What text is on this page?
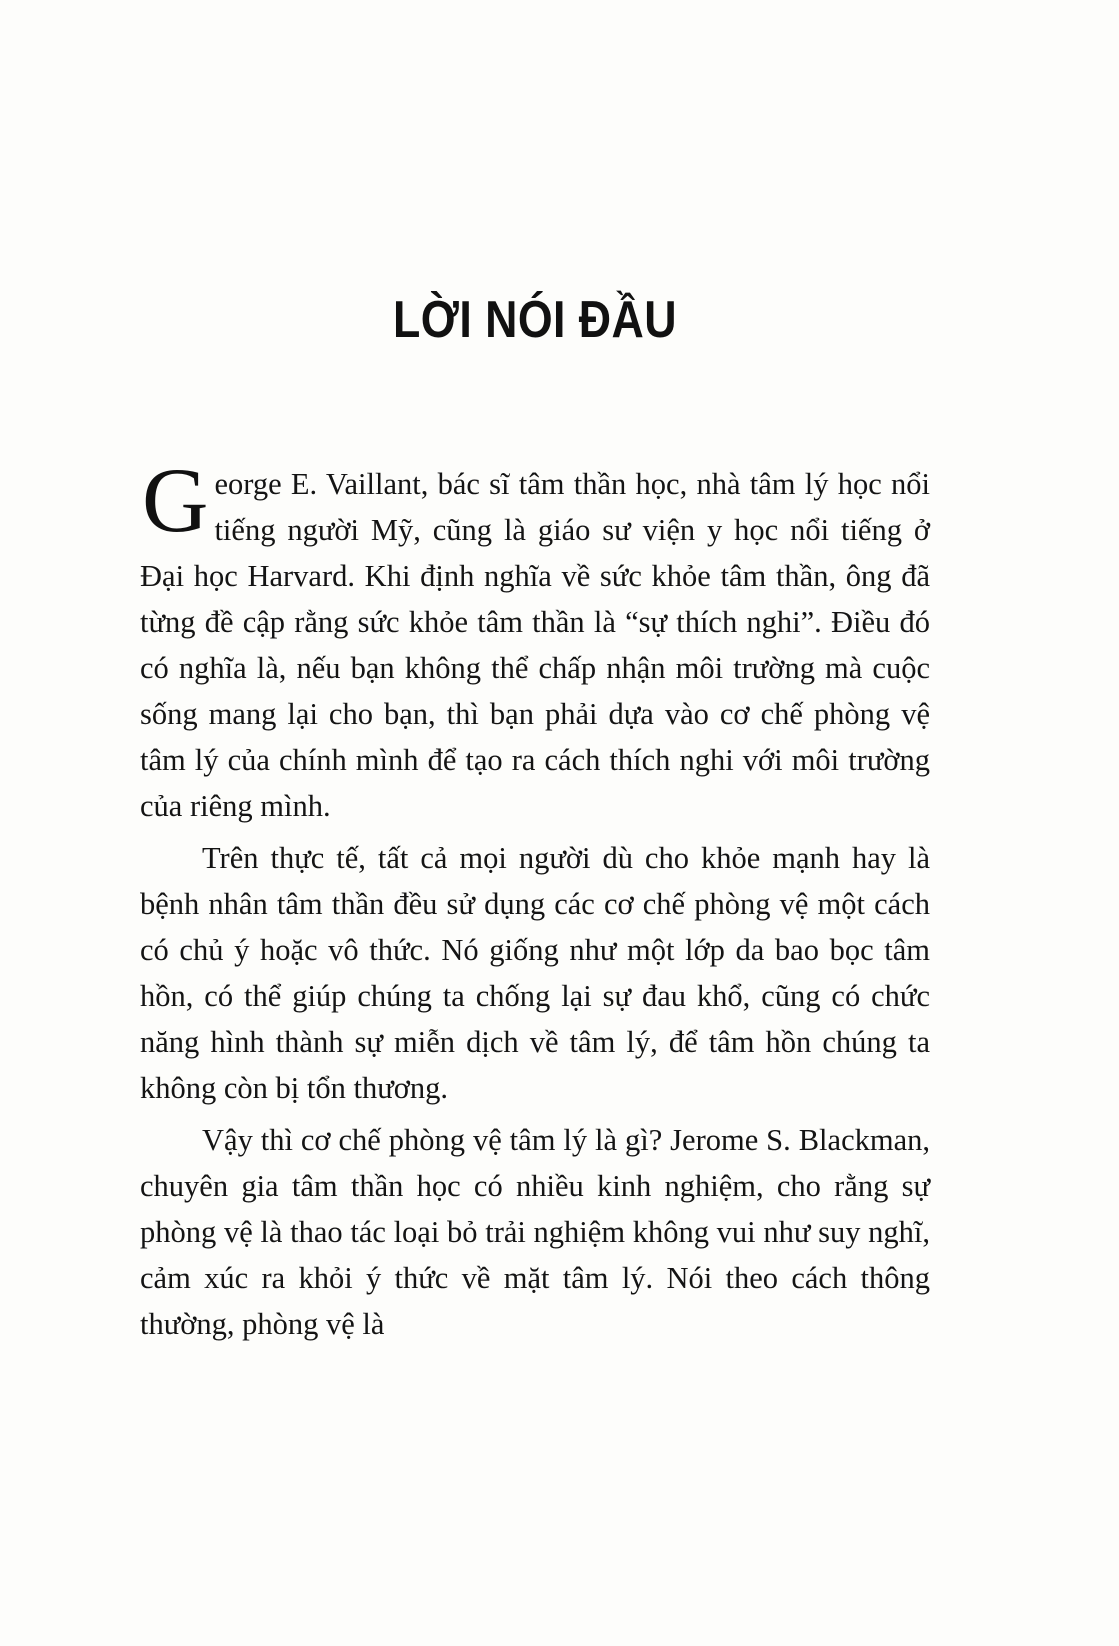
LỜI NÓI ĐẦU

George E. Vaillant, bác sĩ tâm thần học, nhà tâm lý học nổi tiếng người Mỹ, cũng là giáo sư viện y học nổi tiếng ở Đại học Harvard. Khi định nghĩa về sức khỏe tâm thần, ông đã từng đề cập rằng sức khỏe tâm thần là “sự thích nghi”. Điều đó có nghĩa là, nếu bạn không thể chấp nhận môi trường mà cuộc sống mang lại cho bạn, thì bạn phải dựa vào cơ chế phòng vệ tâm lý của chính mình để tạo ra cách thích nghi với môi trường của riêng mình.

Trên thực tế, tất cả mọi người dù cho khỏe mạnh hay là bệnh nhân tâm thần đều sử dụng các cơ chế phòng vệ một cách có chủ ý hoặc vô thức. Nó giống như một lớp da bao bọc tâm hồn, có thể giúp chúng ta chống lại sự đau khổ, cũng có chức năng hình thành sự miễn dịch về tâm lý, để tâm hồn chúng ta không còn bị tổn thương.

Vậy thì cơ chế phòng vệ tâm lý là gì? Jerome S. Blackman, chuyên gia tâm thần học có nhiều kinh nghiệm, cho rằng sự phòng vệ là thao tác loại bỏ trải nghiệm không vui như suy nghĩ, cảm xúc ra khỏi ý thức về mặt tâm lý. Nói theo cách thông thường, phòng vệ là
